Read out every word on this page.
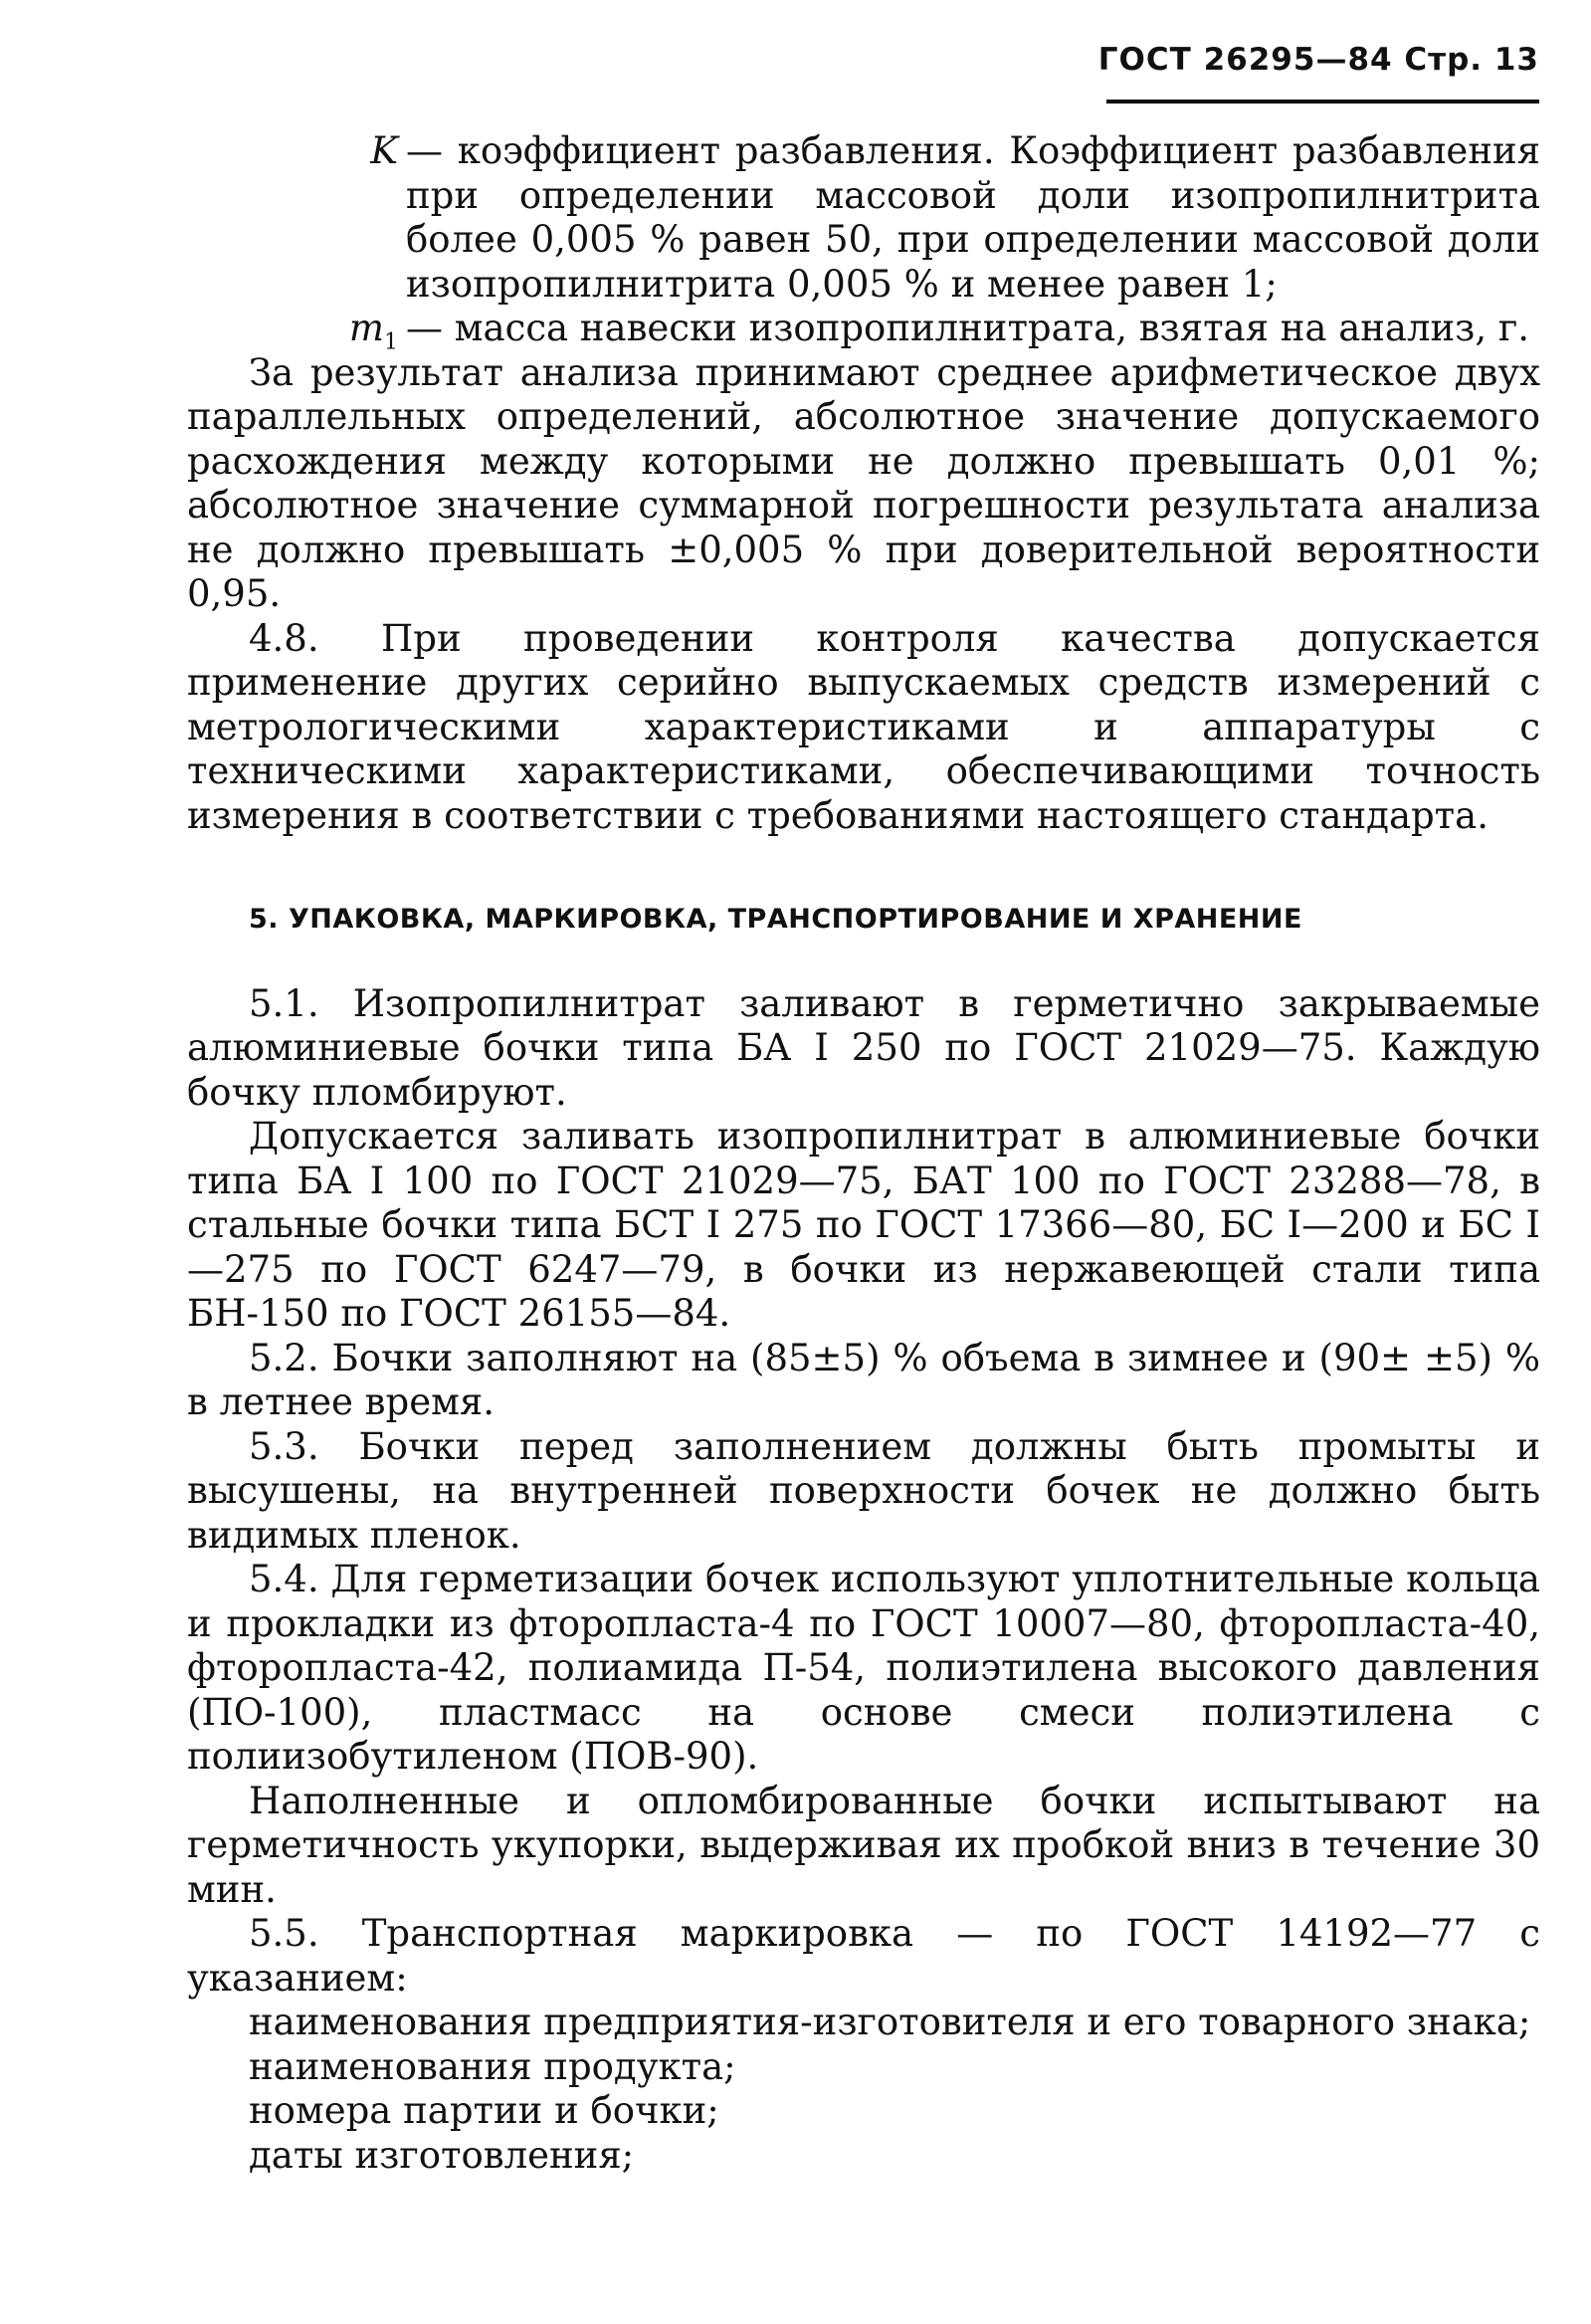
ГОСТ 26295—84 Стр. 13

K — коэффициент разбавления. Коэффициент разбавления при определении массовой доли изопропилнитрита более 0,005 % равен 50, при определении массовой доли изопропилнитрита 0,005 % и менее равен 1;

$m_1$ — масса навески изопропилнитрата, взятая на анализ, г.

За результат анализа принимают среднее арифметическое двух параллельных определений, абсолютное значение допускаемого расхождения между которыми не должно превышать 0,01 %; абсолютное значение суммарной погрешности результата анализа не должно превышать ±0,005 % при доверительной вероятности 0,95.

4.8. При проведении контроля качества допускается применение других серийно выпускаемых средств измерений с метрологическими характеристиками и аппаратуры с техническими характеристиками, обеспечивающими точность измерения в соответствии с требованиями настоящего стандарта.

5. УПАКОВКА, МАРКИРОВКА, ТРАНСПОРТИРОВАНИЕ И ХРАНЕНИЕ

5.1. Изопропилнитрат заливают в герметично закрываемые алюминиевые бочки типа БА I 250 по ГОСТ 21029—75. Каждую бочку пломбируют.

Допускается заливать изопропилнитрат в алюминиевые бочки типа БА I 100 по ГОСТ 21029—75, БАТ 100 по ГОСТ 23288—78, в стальные бочки типа БСТ I 275 по ГОСТ 17366—80, БС I—200 и БС I—275 по ГОСТ 6247—79, в бочки из нержавеющей стали типа БН-150 по ГОСТ 26155—84.

5.2. Бочки заполняют на (85±5) % объема в зимнее и (90± ±5) % в летнее время.

5.3. Бочки перед заполнением должны быть промыты и высушены, на внутренней поверхности бочек не должно быть видимых пленок.

5.4. Для герметизации бочек используют уплотнительные кольца и прокладки из фторопласта-4 по ГОСТ 10007—80, фторопласта-40, фторопласта-42, полиамида П-54, полиэтилена высокого давления (ПО-100), пластмасс на основе смеси полиэтилена с полиизобутиленом (ПОВ-90).

Наполненные и опломбированные бочки испытывают на герметичность укупорки, выдерживая их пробкой вниз в течение 30 мин.

5.5. Транспортная маркировка — по ГОСТ 14192—77 с указанием:

наименования предприятия-изготовителя и его товарного знака;

наименования продукта;

номера партии и бочки;

даты изготовления;
